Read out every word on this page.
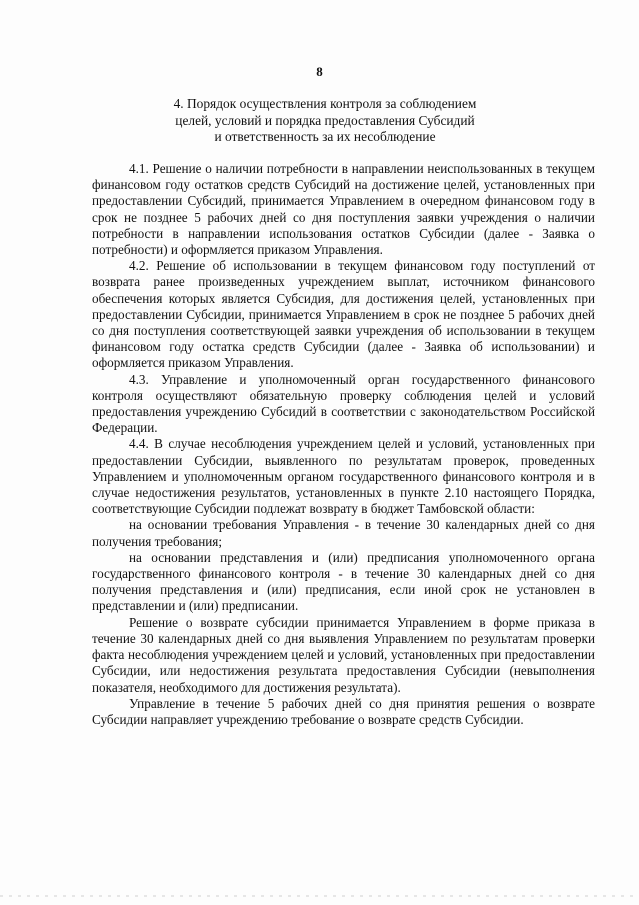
8
4. Порядок осуществления контроля за соблюдением
целей, условий и порядка предоставления Субсидий
и ответственность за их несоблюдение

4.1. Решение о наличии потребности в направлении неиспользованных в текущем финансовом году остатков средств Субсидий на достижение целей, установленных при предоставлении Субсидий, принимается Управлением в очередном финансовом году в срок не позднее 5 рабочих дней со дня поступления заявки учреждения о наличии потребности в направлении использования остатков Субсидии (далее - Заявка о потребности) и оформляется приказом Управления.

4.2. Решение об использовании в текущем финансовом году поступлений от возврата ранее произведенных учреждением выплат, источником финансового обеспечения которых является Субсидия, для достижения целей, установленных при предоставлении Субсидии, принимается Управлением в срок не позднее 5 рабочих дней со дня поступления соответствующей заявки учреждения об использовании в текущем финансовом году остатка средств Субсидии (далее - Заявка об использовании) и оформляется приказом Управления.

4.3. Управление и уполномоченный орган государственного финансового контроля осуществляют обязательную проверку соблюдения целей и условий предоставления учреждению Субсидий в соответствии с законодательством Российской Федерации.

4.4. В случае несоблюдения учреждением целей и условий, установленных при предоставлении Субсидии, выявленного по результатам проверок, проведенных Управлением и уполномоченным органом государственного финансового контроля и в случае недостижения результатов, установленных в пункте 2.10 настоящего Порядка, соответствующие Субсидии подлежат возврату в бюджет Тамбовской области:

на основании требования Управления - в течение 30 календарных дней со дня получения требования;

на основании представления и (или) предписания уполномоченного органа государственного финансового контроля - в течение 30 календарных дней со дня получения представления и (или) предписания, если иной срок не установлен в представлении и (или) предписании.

Решение о возврате субсидии принимается Управлением в форме приказа в течение 30 календарных дней со дня выявления Управлением по результатам проверки факта несоблюдения учреждением целей и условий, установленных при предоставлении Субсидии, или недостижения результата предоставления Субсидии (невыполнения показателя, необходимого для достижения результата).

Управление в течение 5 рабочих дней со дня принятия решения о возврате Субсидии направляет учреждению требование о возврате средств Субсидии.
